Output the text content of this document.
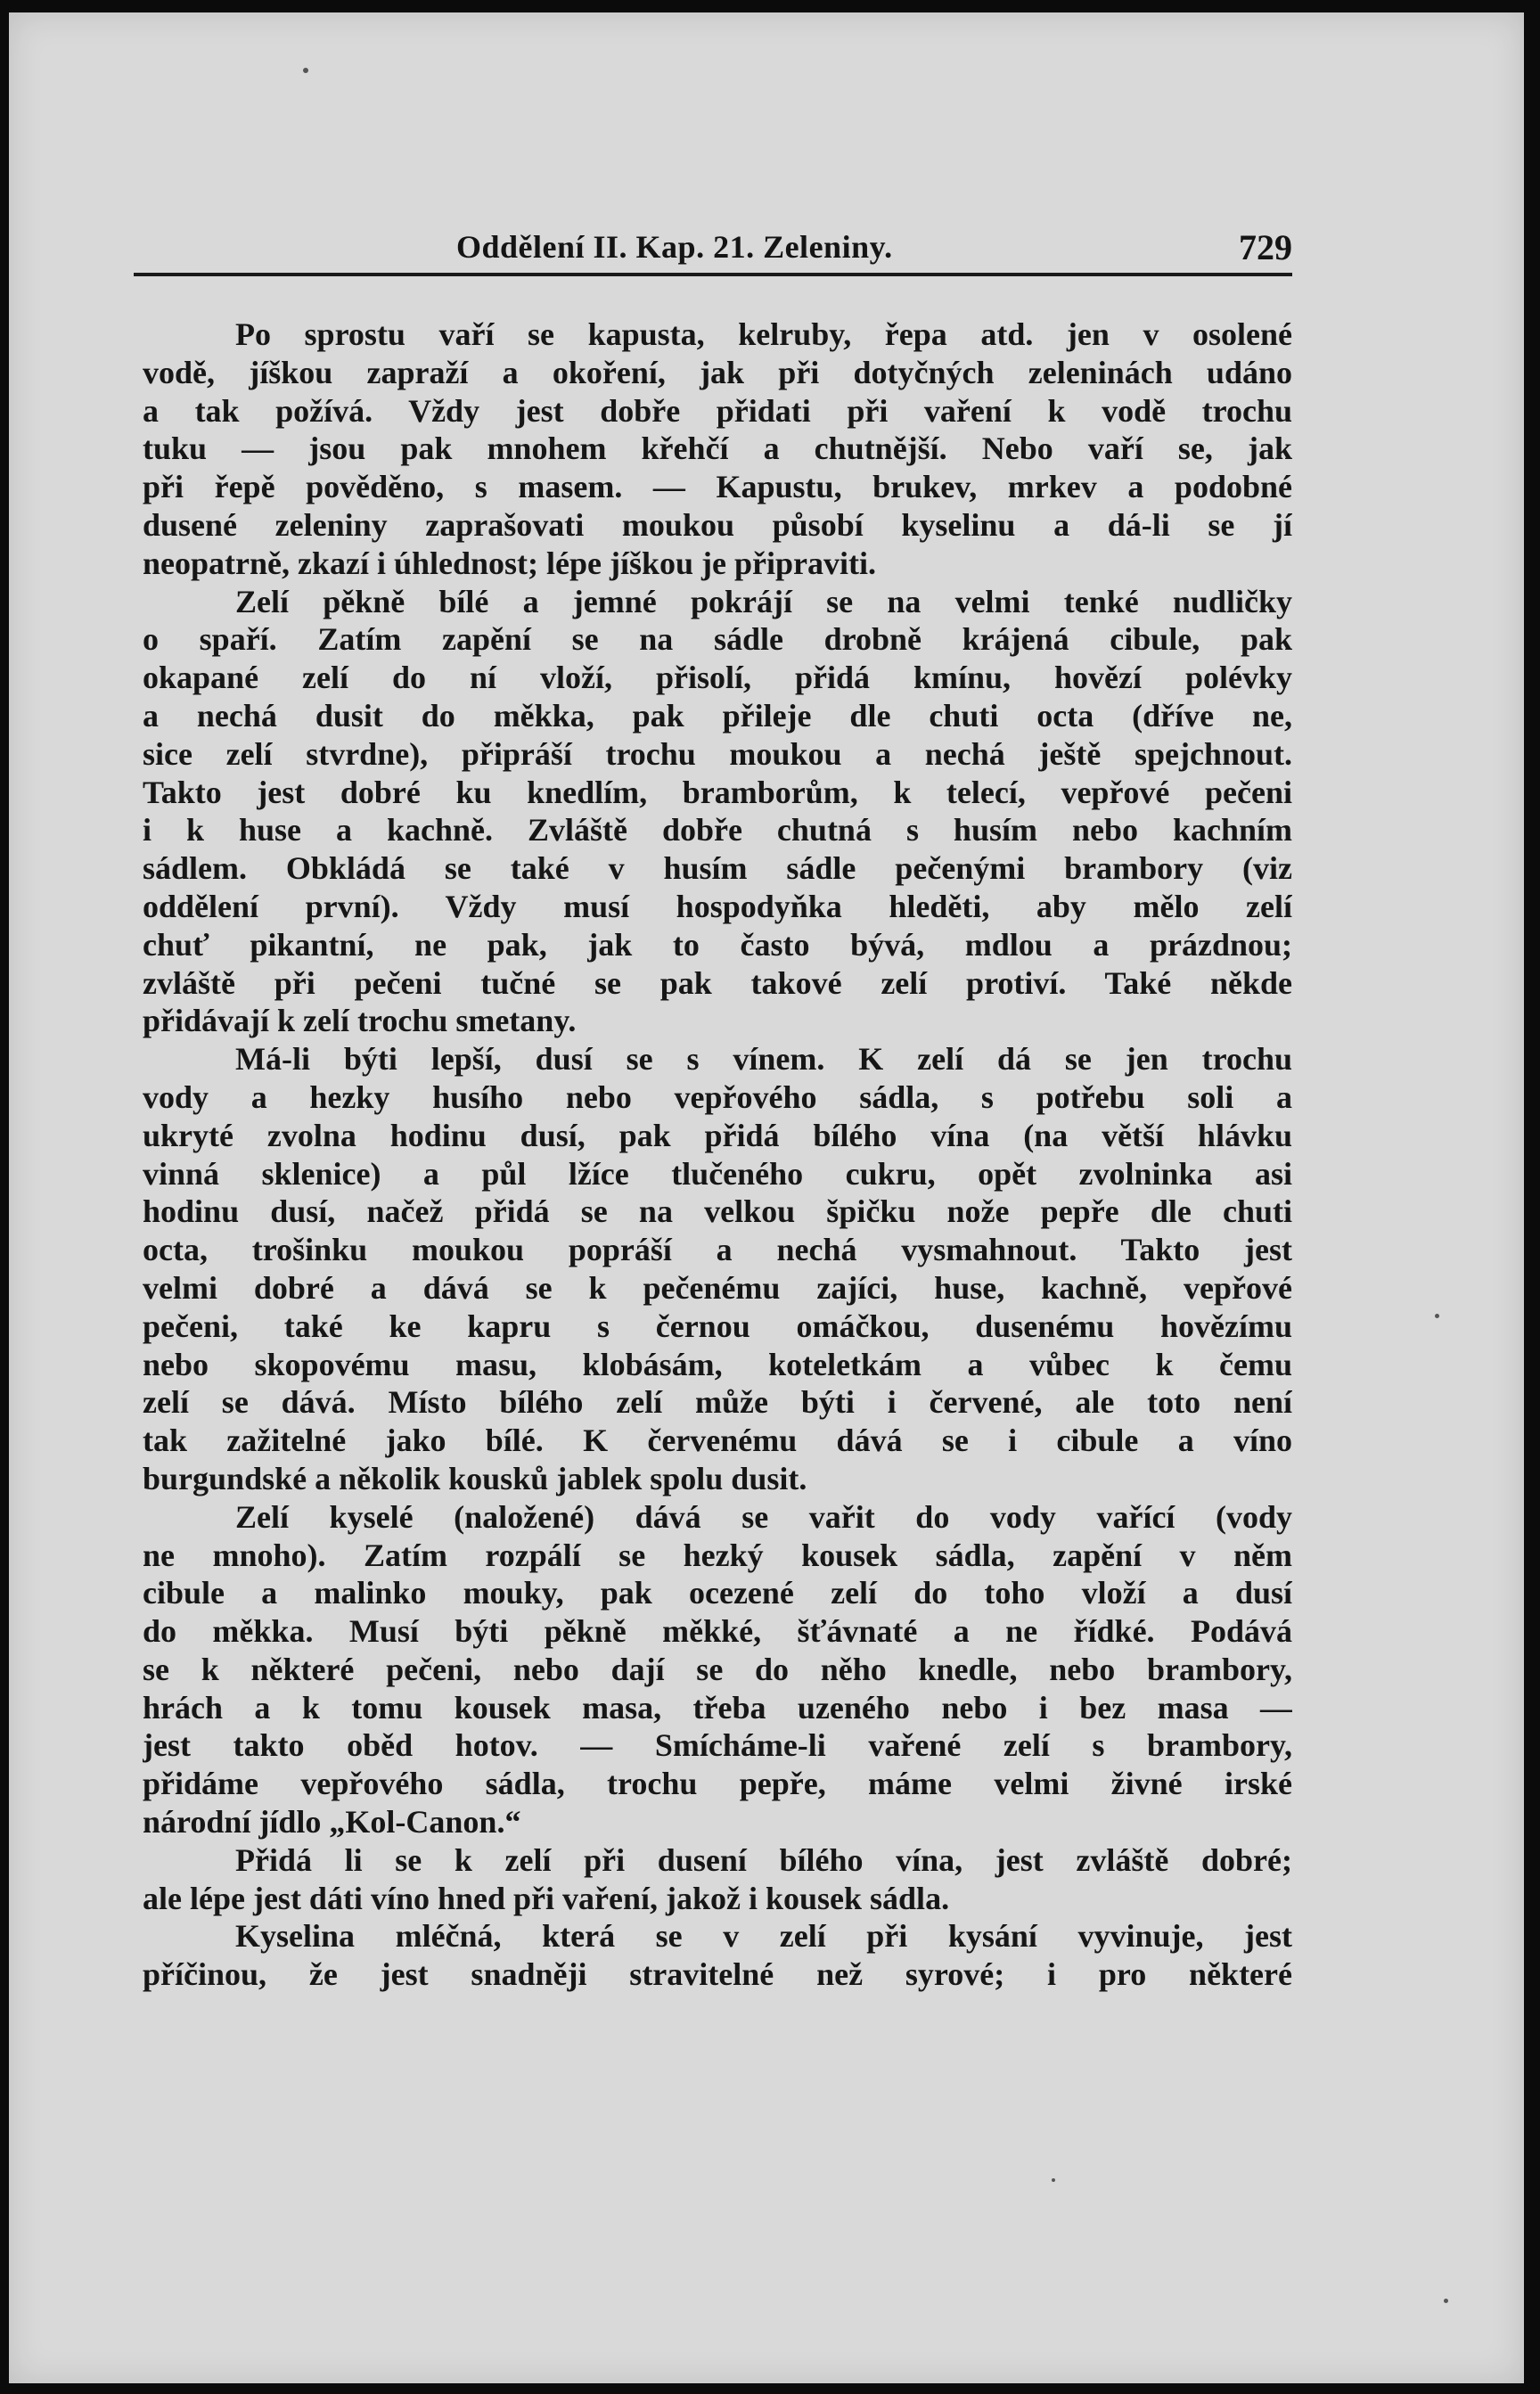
Oddělení II. Kap. 21. Zeleniny.	729

Po sprostu vaří se kapusta, kelruby, řepa atd. jen v osolené
vodě, jíškou zapraží a okoření, jak při dotyčných zeleninách udáno
a tak požívá. Vždy jest dobře přidati při vaření k vodě trochu
tuku — jsou pak mnohem křehčí a chutnější. Nebo vaří se, jak
při řepě pověděno, s masem. — Kapustu, brukev, mrkev a podobné
dusené zeleniny zaprašovati moukou působí kyselinu a dá-li se jí
neopatrně, zkazí i úhlednost; lépe jíškou je připraviti.

Zelí pěkně bílé a jemné pokrájí se na velmi tenké nudličky
o spaří. Zatím zapění se na sádle drobně krájená cibule, pak
okapané zelí do ní vloží, přisolí, přidá kmínu, hovězí polévky
a nechá dusit do měkka, pak přileje dle chuti octa (dříve ne,
sice zelí stvrdne), připráší trochu moukou a nechá ještě spejchnout.
Takto jest dobré ku knedlím, bramborům, k telecí, vepřové pečeni
i k huse a kachně. Zvláště dobře chutná s husím nebo kachním
sádlem. Obkládá se také v husím sádle pečenými brambory (viz
oddělení první). Vždy musí hospodyňka hleděti, aby mělo zelí
chuť pikantní, ne pak, jak to často bývá, mdlou a prázdnou;
zvláště při pečeni tučné se pak takové zelí protiví. Také někde
přidávají k zelí trochu smetany.

Má-li býti lepší, dusí se s vínem. K zelí dá se jen trochu
vody a hezky husího nebo vepřového sádla, s potřebu soli a
ukryté zvolna hodinu dusí, pak přidá bílého vína (na větší hlávku
vinná sklenice) a půl lžíce tlučeného cukru, opět zvolninka asi
hodinu dusí, načež přidá se na velkou špičku nože pepře dle chuti
octa, trošinku moukou popráší a nechá vysmahnout. Takto jest
velmi dobré a dává se k pečenému zajíci, huse, kachně, vepřové
pečeni, také ke kapru s černou omáčkou, dusenému hovězímu
nebo skopovému masu, klobásám, koteletkám a vůbec k čemu
zelí se dává. Místo bílého zelí může býti i červené, ale toto není
tak zažitelné jako bílé. K červenému dává se i cibule a víno
burgundské a několik kousků jablek spolu dusit.

Zelí kyselé (naložené) dává se vařit do vody vařící (vody
ne mnoho). Zatím rozpálí se hezký kousek sádla, zapění v něm
cibule a malinko mouky, pak ocezené zelí do toho vloží a dusí
do měkka. Musí býti pěkně měkké, šťávnaté a ne řídké. Podává
se k některé pečeni, nebo dají se do něho knedle, nebo brambory,
hrách a k tomu kousek masa, třeba uzeného nebo i bez masa —
jest takto oběd hotov. — Smícháme-li vařené zelí s brambory,
přidáme vepřového sádla, trochu pepře, máme velmi živné irské
národní jídlo „Kol-Canon.“

Přidá li se k zelí při dusení bílého vína, jest zvláště dobré;
ale lépe jest dáti víno hned při vaření, jakož i kousek sádla.

Kyselina mléčná, která se v zelí při kysání vyvinuje, jest
příčinou, že jest snadněji stravitelné než syrové; i pro některé
